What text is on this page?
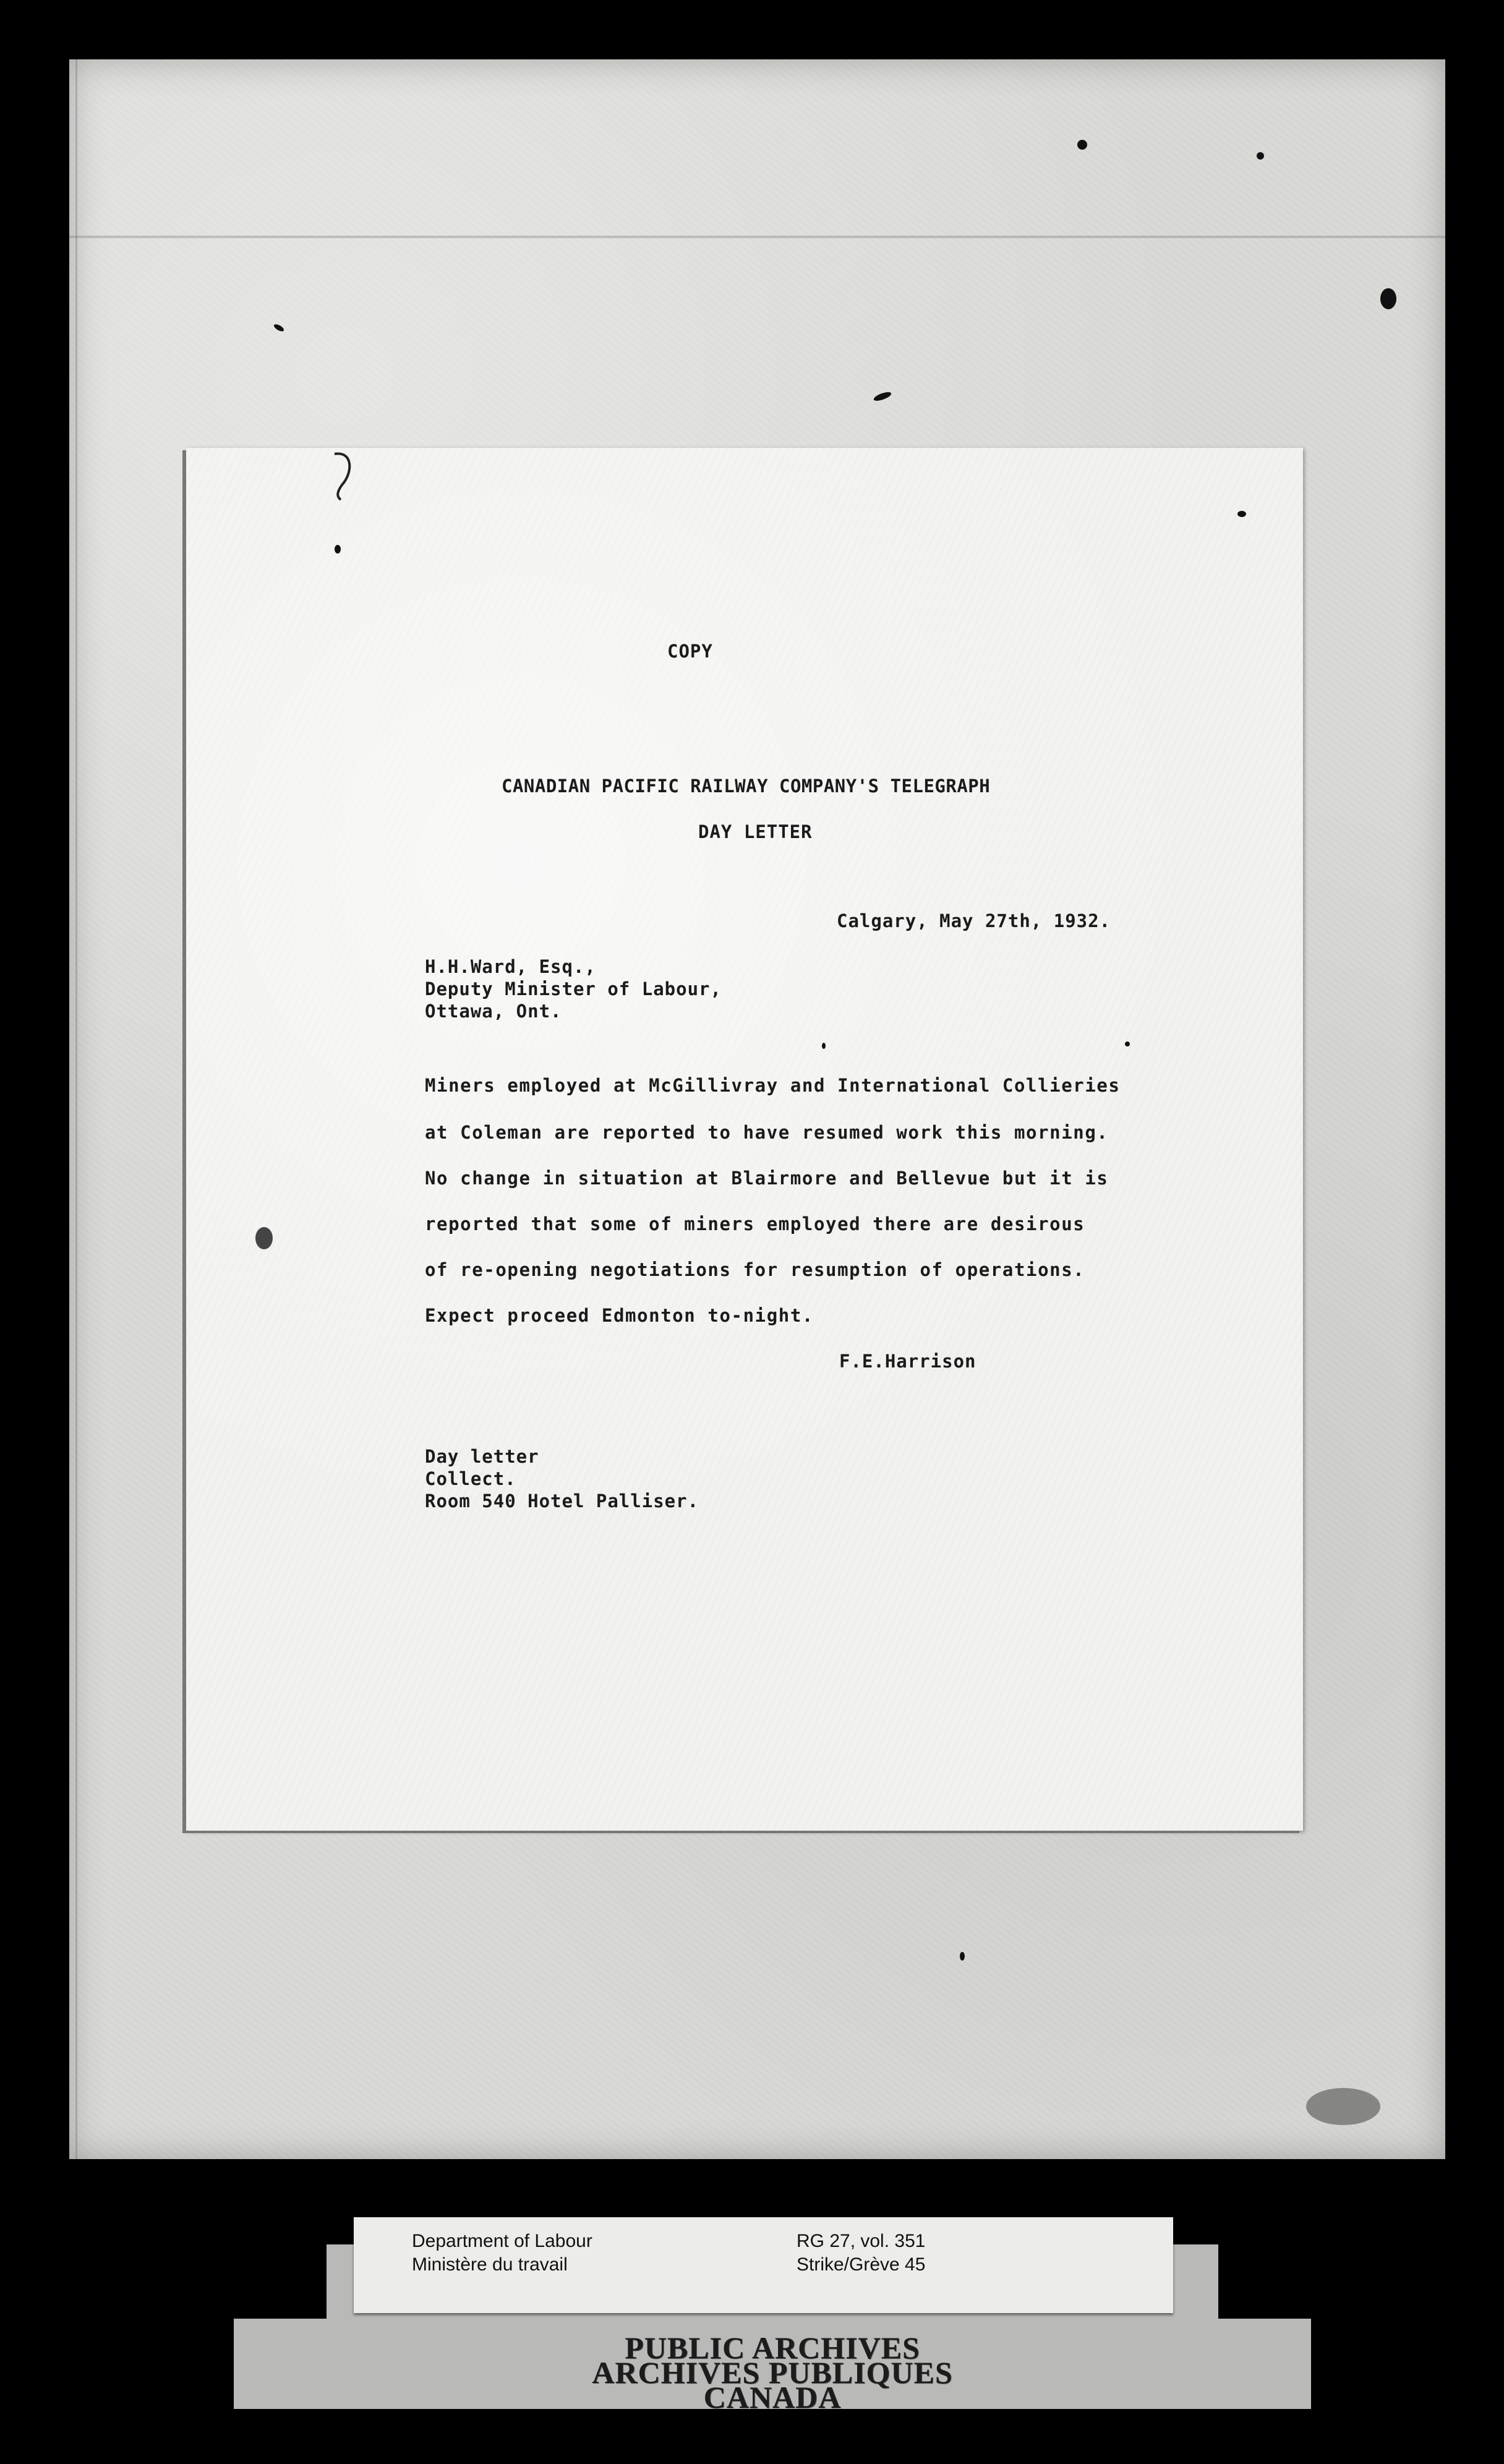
COPY

CANADIAN PACIFIC RAILWAY COMPANY'S TELEGRAPH

DAY LETTER

Calgary, May 27th, 1932.

H.H.Ward, Esq.,

Deputy Minister of Labour,

Ottawa, Ont.

Miners employed at McGillivray and International Collieries

at Coleman are reported to have resumed work this morning.

No change in situation at Blairmore and Bellevue but it is

reported that some of miners employed there are desirous

of re-opening negotiations for resumption of operations.

Expect proceed Edmonton to-night.

F.E.Harrison

Day letter

Collect.

Room 540 Hotel Palliser.

PUBLIC ARCHIVES

ARCHIVES PUBLIQUES

CANADA

Department of Labour

Ministère du travail

RG 27, vol. 351

Strike/Grève 45
